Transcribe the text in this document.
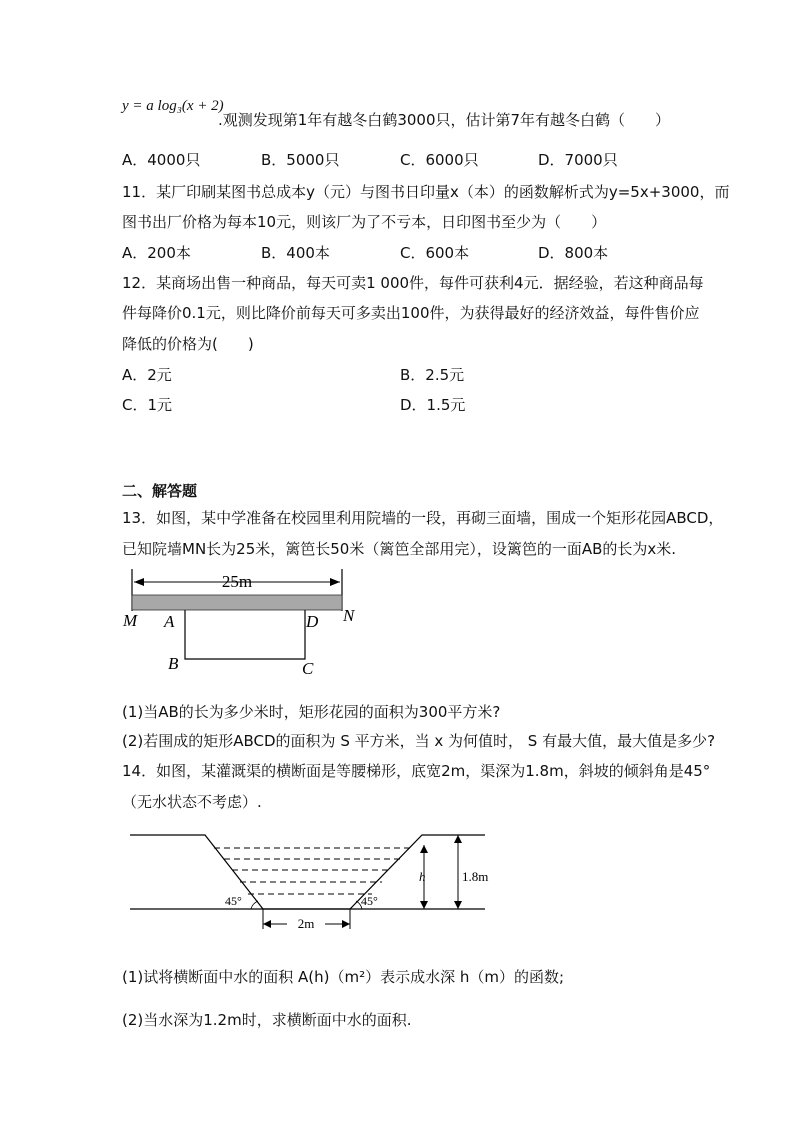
y = a log₃(x + 2)
.观测发现第1年有越冬白鹤3000只，估计第7年有越冬白鹤（　　）
A．4000只	B．5000只	C．6000只	D．7000只
11．某厂印刷某图书总成本y（元）与图书日印量x（本）的函数解析式为y=5x+3000，而
图书出厂价格为每本10元，则该厂为了不亏本，日印图书至少为（　　）
A．200本	B．400本	C．600本	D．800本
12．某商场出售一种商品，每天可卖1 000件，每件可获利4元．据经验，若这种商品每
件每降价0.1元，则比降价前每天可多卖出100件，为获得最好的经济效益，每件售价应
降低的价格为(　　)
A．2元	B．2.5元
C．1元	D．1.5元
二、解答题
13．如图，某中学准备在校园里利用院墙的一段，再砌三面墙，围成一个矩形花园ABCD，
已知院墙MN长为25米，篱笆长50米（篱笆全部用完），设篱笆的一面AB的长为x米.
25m
M	N
A	D
B	C
(1)当AB的长为多少米时，矩形花园的面积为300平方米?
(2)若围成的矩形ABCD的面积为 S 平方米，当 x 为何值时， S 有最大值，最大值是多少?
14．如图，某灌溉渠的横断面是等腰梯形，底宽2m，渠深为1.8m，斜坡的倾斜角是45°
（无水状态不考虑）.
45°	45°
h	1.8m
2m
(1)试将横断面中水的面积 A(h)（m²）表示成水深 h（m）的函数;
(2)当水深为1.2m时，求横断面中水的面积.
